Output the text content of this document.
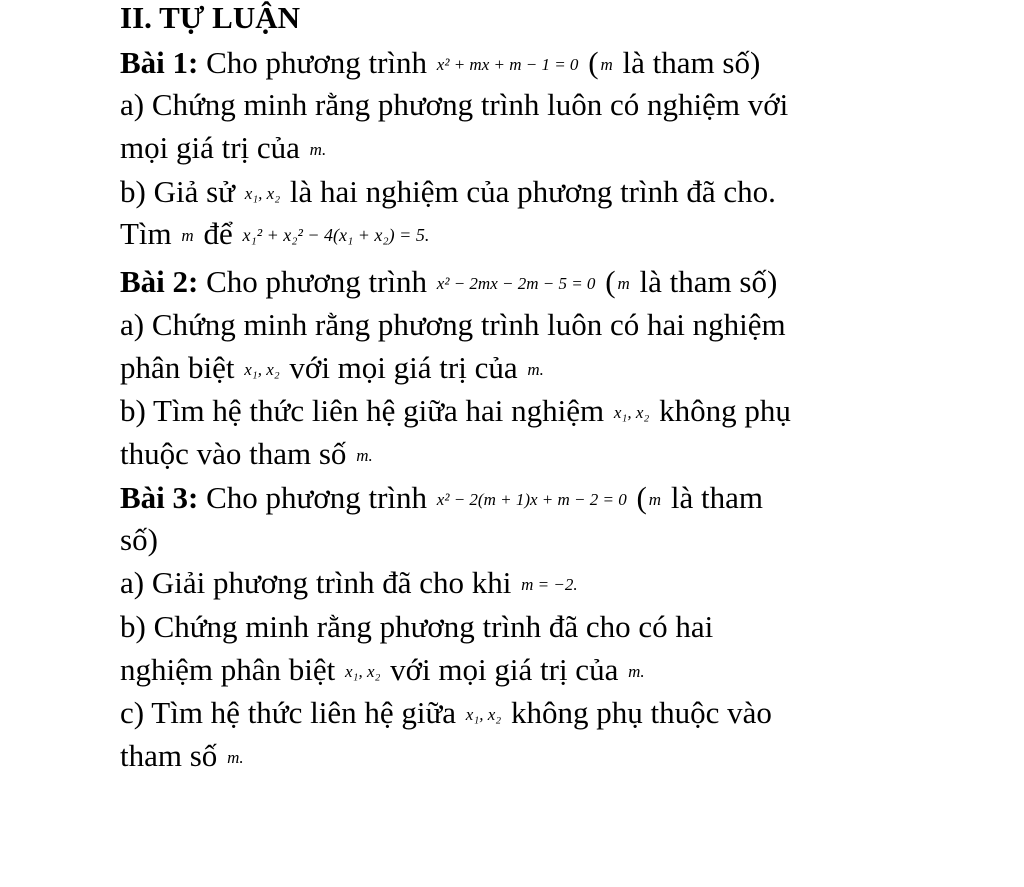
II. TỰ LUẬN
Bài 1: Cho phương trình x² + mx + m − 1 = 0 ( m là tham số)
a) Chứng minh rằng phương trình luôn có nghiệm với
mọi giá trị của m.
b) Giả sử x₁, x₂ là hai nghiệm của phương trình đã cho.
Tìm m để x₁² + x₂² − 4(x₁ + x₂) = 5.
Bài 2: Cho phương trình x² − 2mx − 2m − 5 = 0 ( m là tham số)
a) Chứng minh rằng phương trình luôn có hai nghiệm
phân biệt x₁, x₂ với mọi giá trị của m.
b) Tìm hệ thức liên hệ giữa hai nghiệm x₁, x₂ không phụ
thuộc vào tham số m.
Bài 3: Cho phương trình x² − 2(m + 1)x + m − 2 = 0 ( m là tham
số)
a) Giải phương trình đã cho khi m = −2.
b) Chứng minh rằng phương trình đã cho có hai
nghiệm phân biệt x₁, x₂ với mọi giá trị của m.
c) Tìm hệ thức liên hệ giữa x₁, x₂ không phụ thuộc vào
tham số m.
